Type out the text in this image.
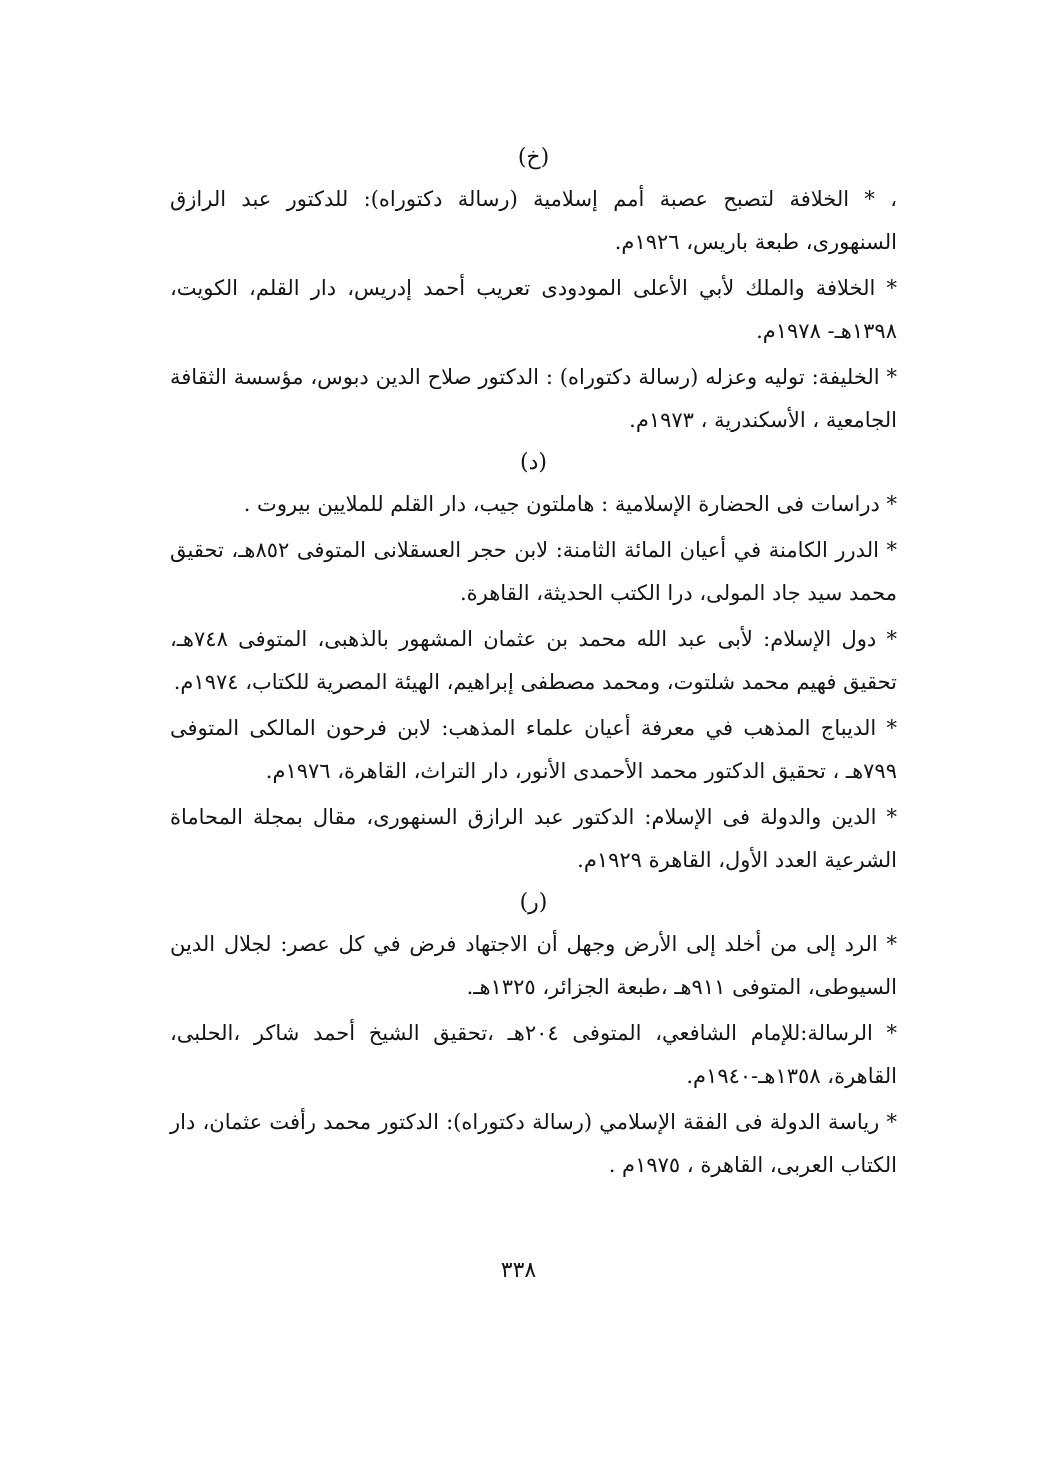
(خ)

، * الخلافة لتصبح عصبة أمم إسلامية (رسالة دكتوراه): للدكتور عبد الرازق السنهورى، طبعة باريس، ١٩٢٦م.

* الخلافة والملك لأبي الأعلى المودودى تعريب أحمد إدريس، دار القلم، الكويت، ١٣٩٨هـ- ١٩٧٨م.

* الخليفة: توليه وعزله (رسالة دكتوراه) : الدكتور صلاح الدين دبوس، مؤسسة الثقافة الجامعية ، الأسكندرية ، ١٩٧٣م.

(د)

* دراسات فى الحضارة الإسلامية : هاملتون جيب، دار القلم للملايين بيروت .

* الدرر الكامنة في أعيان المائة الثامنة: لابن حجر العسقلانى المتوفى ٨٥٢هـ، تحقيق محمد سيد جاد المولى، درا الكتب الحديثة، القاهرة.

* دول الإسلام: لأبى عبد الله محمد بن عثمان المشهور بالذهبى، المتوفى ٧٤٨هـ، تحقيق فهيم محمد شلتوت، ومحمد مصطفى إبراهيم، الهيئة المصرية للكتاب، ١٩٧٤م.

* الديباج المذهب في معرفة أعيان علماء المذهب: لابن فرحون المالكى المتوفى ٧٩٩هـ ، تحقيق الدكتور محمد الأحمدى الأنور، دار التراث، القاهرة، ١٩٧٦م.

* الدين والدولة فى الإسلام: الدكتور عبد الرازق السنهورى، مقال بمجلة المحاماة الشرعية العدد الأول، القاهرة ١٩٢٩م.

(ر)

* الرد إلى من أخلد إلى الأرض وجهل أن الاجتهاد فرض في كل عصر: لجلال الدين السيوطى، المتوفى ٩١١هـ ،طبعة الجزائر، ١٣٢٥هـ.

* الرسالة:للإمام الشافعي، المتوفى ٢٠٤هـ ،تحقيق الشيخ أحمد شاكر ،الحلبى، القاهرة، ١٣٥٨هـ-١٩٤٠م.

* رياسة الدولة فى الفقة الإسلامي (رسالة دكتوراه): الدكتور محمد رأفت عثمان، دار الكتاب العربى، القاهرة ، ١٩٧٥م .

٣٣٨
